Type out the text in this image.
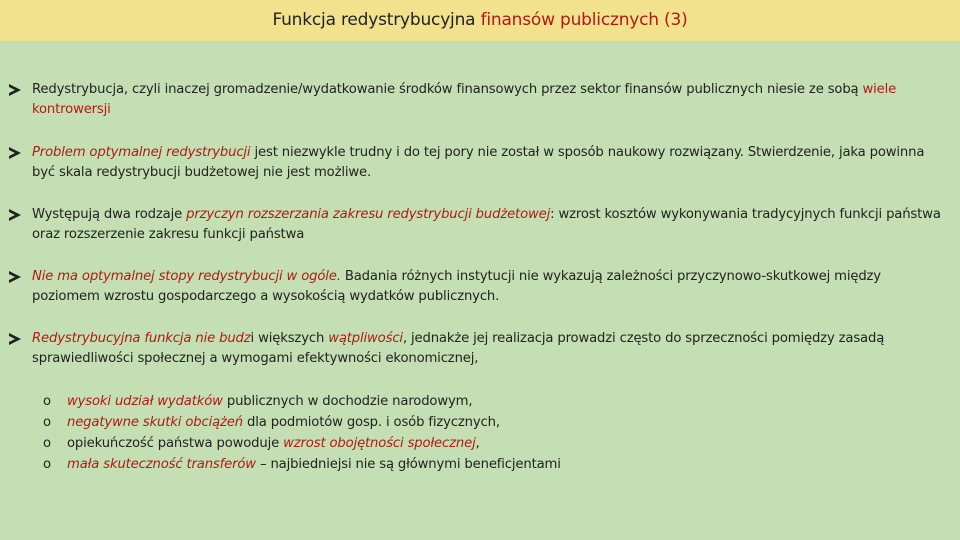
Funkcja redystrybucyjna finansów publicznych (3)
Redystrybucja, czyli inaczej gromadzenie/wydatkowanie środków finansowych przez sektor finansów publicznych niesie ze sobą wiele kontrowersji
Problem optymalnej redystrybucji jest niezwykle trudny i do tej pory nie został w sposób naukowy rozwiązany. Stwierdzenie, jaka powinna być skala redystrybucji budżetowej nie jest możliwe.
Występują dwa rodzaje przyczyn rozszerzania zakresu redystrybucji budżetowej: wzrost kosztów wykonywania tradycyjnych funkcji państwa oraz rozszerzenie zakresu funkcji państwa
Nie ma optymalnej stopy redystrybucji w ogóle. Badania różnych instytucji nie wykazują zależności przyczynowo-skutkowej między poziomem wzrostu gospodarczego a wysokością wydatków publicznych.
Redystrybucyjna funkcja nie budzi większych wątpliwości, jednakże jej realizacja prowadzi często do sprzeczności pomiędzy zasadą sprawiedliwości społecznej a wymogami efektywności ekonomicznej,
o wysoki udział wydatków publicznych w dochodzie narodowym,
o negatywne skutki obciążeń dla podmiotów gosp. i osób fizycznych,
o opiekuńczość państwa powoduje wzrost obojętności społecznej,
o mała skuteczność transferów – najbiedniejsi nie są głównymi beneficjentami
